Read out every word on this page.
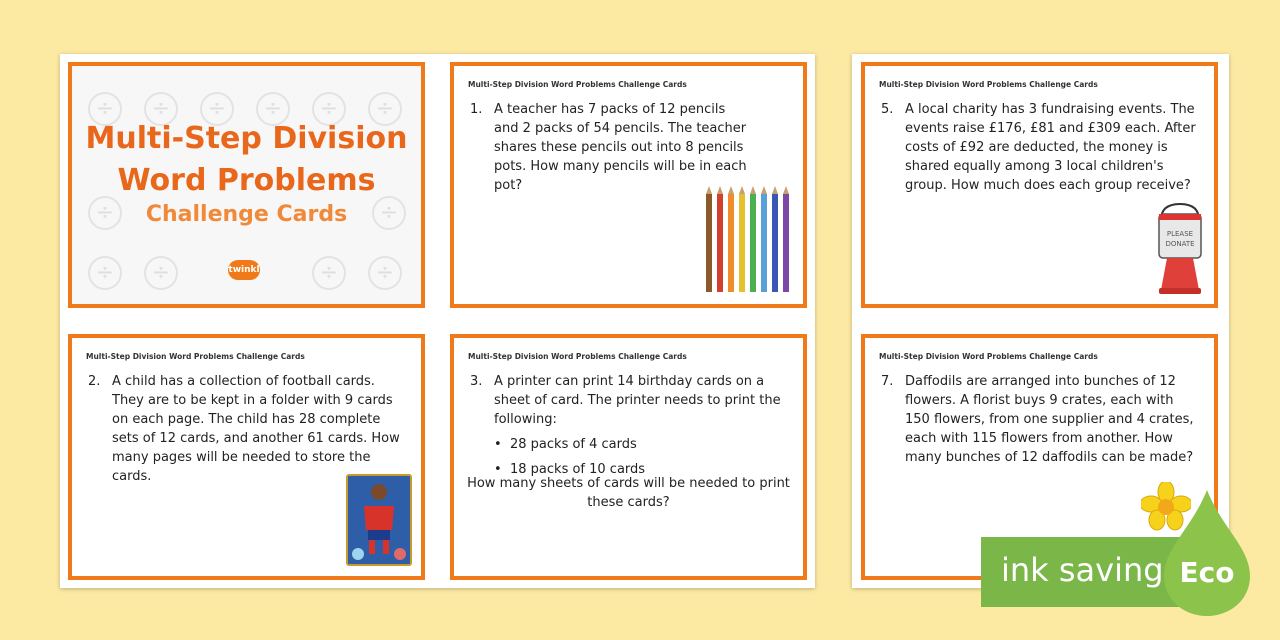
÷	÷	÷	÷	÷	÷
÷	÷
÷	÷	÷	÷
Multi-Step Division
Word Problems
Challenge Cards
twinkl
Multi-Step Division Word Problems Challenge Cards
1. A teacher has 7 packs of 12 pencils and 2 packs of 54 pencils. The teacher shares these pencils out into 8 pencils pots. How many pencils will be in each pot?
Multi-Step Division Word Problems Challenge Cards
5. A local charity has 3 fundraising events. The events raise £176, £81 and £309 each. After costs of £92 are deducted, the money is shared equally among 3 local children's group. How much does each group receive?
PLEASE
DONATE
Multi-Step Division Word Problems Challenge Cards
2. A child has a collection of football cards. They are to be kept in a folder with 9 cards on each page. The child has 28 complete sets of 12 cards, and another 61 cards. How many pages will be needed to store the cards.
Multi-Step Division Word Problems Challenge Cards
3. A printer can print 14 birthday cards on a sheet of card. The printer needs to print the following:
• 28 packs of 4 cards
• 18 packs of 10 cards
How many sheets of cards will be needed to print these cards?
Multi-Step Division Word Problems Challenge Cards
7. Daffodils are arranged into bunches of 12 flowers. A florist buys 9 crates, each with 150 flowers, from one supplier and 4 crates, each with 115 flowers from another. How many bunches of 12 daffodils can be made?
ink saving Eco
